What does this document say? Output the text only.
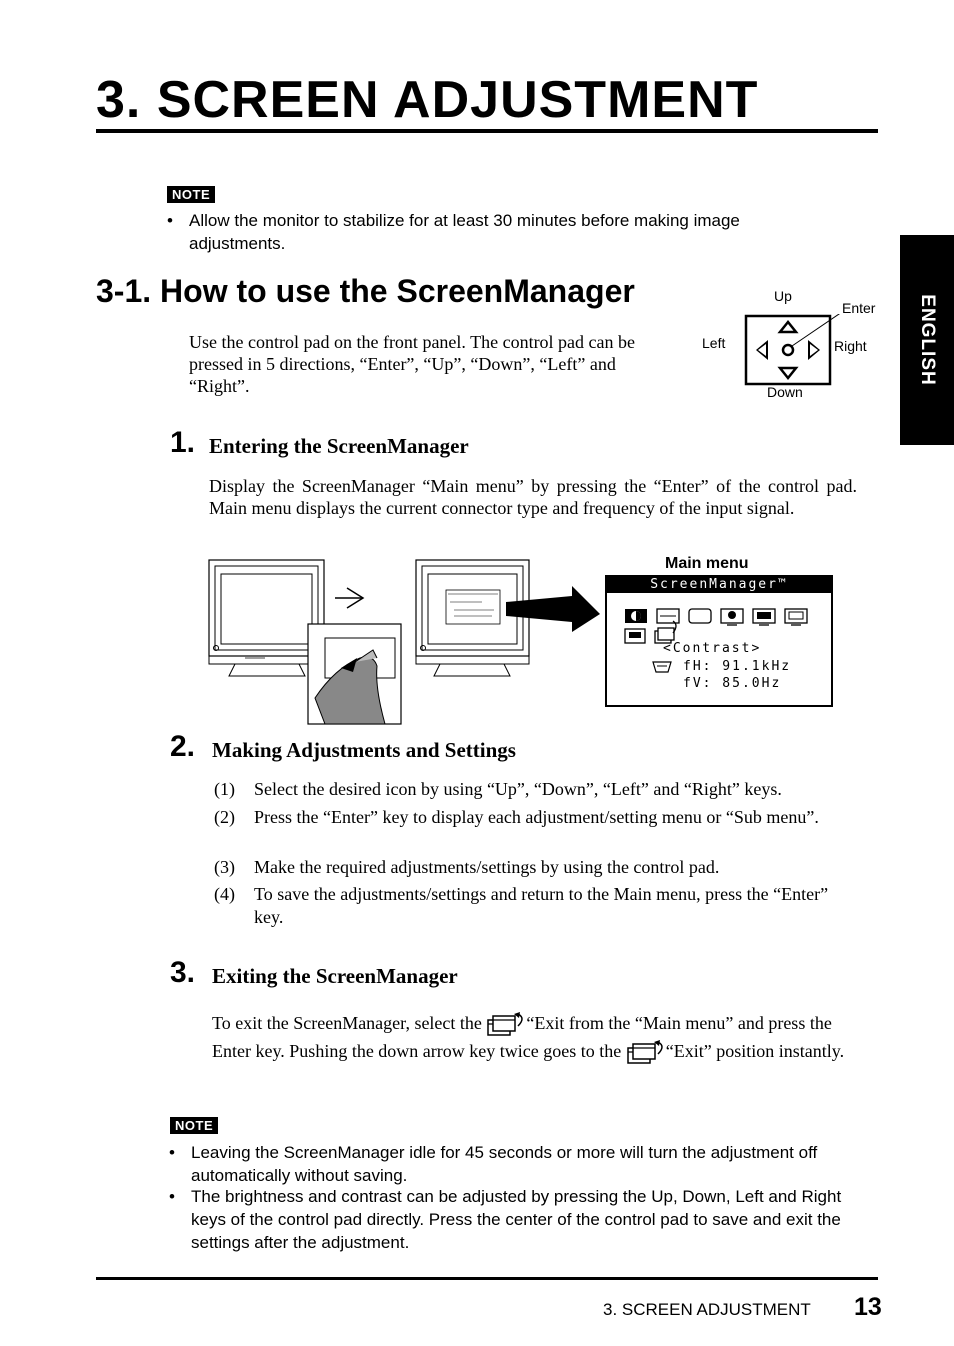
3. SCREEN ADJUSTMENT
ENGLISH
NOTE
• Allow the monitor to stabilize for at least 30 minutes before making image adjustments.
3-1. How to use the ScreenManager
Use the control pad on the front panel. The control pad can be pressed in 5 directions, “Enter”, “Up”, “Down”, “Left” and “Right”.
Up
Enter
Left	Right
Down
1. Entering the ScreenManager
Display the ScreenManager “Main menu” by pressing the “Enter” of the control pad. Main menu displays the current connector type and frequency of the input signal.
Main menu
ScreenManager™
<Contrast>
fH: 91.1kHz
fV: 85.0Hz
2. Making Adjustments and Settings
(1) Select the desired icon by using “Up”, “Down”, “Left” and “Right” keys.
(2) Press the “Enter” key to display each adjustment/setting menu or “Sub menu”.
(3) Make the required adjustments/settings by using the control pad.
(4) To save the adjustments/settings and return to the Main menu, press the “Enter” key.
3. Exiting the ScreenManager
To exit the ScreenManager, select the “Exit from the “Main menu” and press the Enter key. Pushing the down arrow key twice goes to the “Exit” position instantly.
NOTE
• Leaving the ScreenManager idle for 45 seconds or more will turn the adjustment off automatically without saving.
• The brightness and contrast can be adjusted by pressing the Up, Down, Left and Right keys of the control pad directly. Press the center of the control pad to save and exit the settings after the adjustment.
3. SCREEN ADJUSTMENT 13
